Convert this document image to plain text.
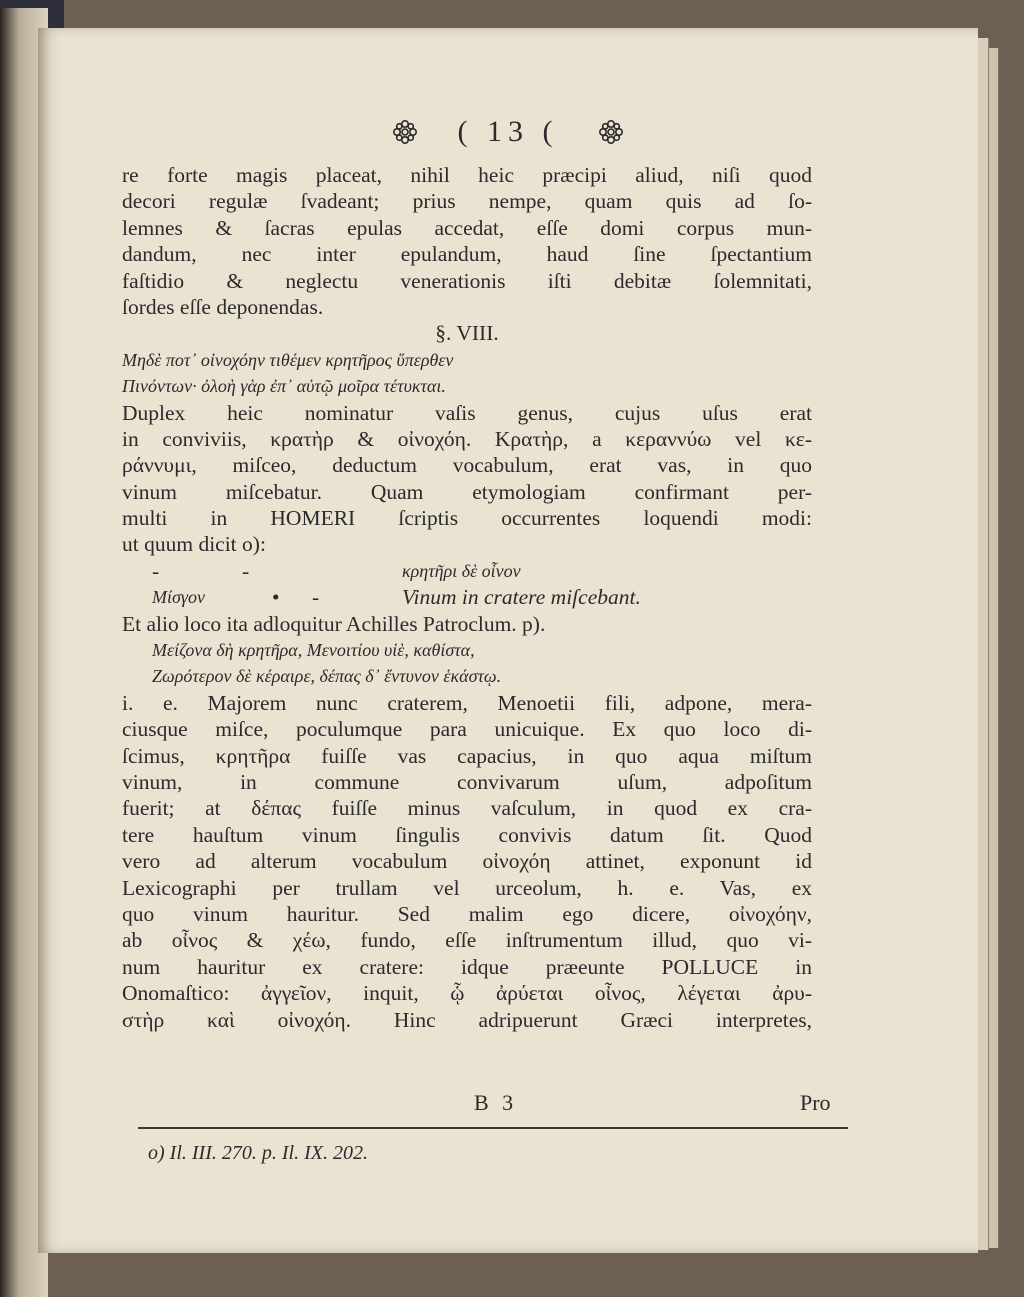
( 13 (
re forte magis placeat, nihil heic præcipi aliud, niſi quod
decori regulæ ſvadeant; prius nempe, quam quis ad ſo-
lemnes & ſacras epulas accedat, eſſe domi corpus mun-
dandum, nec inter epulandum, haud ſine ſpectantium
faſtidio & neglectu venerationis iſti debitæ ſolemnitati,
ſordes eſſe deponendas.
§. VIII.
Μηδὲ ποτ᾽ οἰνοχόην τιθέμεν κρητῆρος ὕπερθεν
Πινόντων· ὀλοὴ γὰρ ἐπ᾽ αὐτῷ μοῖρα τέτυκται.
Duplex heic nominatur vaſis genus, cujus uſus erat
in conviviis, κρατὴρ & οἰνοχόη. Κρατὴρ, a κεραννύω vel κε-
ράννυμι, miſceo, deductum vocabulum, erat vas, in quo
vinum miſcebatur. Quam etymologiam confirmant per-
multi in HOMERI ſcriptis occurrentes loquendi modi:
ut quum dicit o):
-	-	κρητῆρι δὲ οἶνον
Μίσγον	•	-	Vinum in cratere miſcebant.
Et alio loco ita adloquitur Achilles Patroclum. p).
Μείζονα δὴ κρητῆρα, Μενοιτίου υἱὲ, καθίστα,
Ζωρότερον δὲ κέραιρε, δέπας δ᾽ ἔντυνον ἑκάστῳ.
i. e. Majorem nunc craterem, Menoetii fili, adpone, mera-
ciusque miſce, poculumque para unicuique. Ex quo loco di-
ſcimus, κρητῆρα fuiſſe vas capacius, in quo aqua miſtum
vinum, in commune convivarum uſum, adpoſitum
fuerit; at δέπας fuiſſe minus vaſculum, in quod ex cra-
tere hauſtum vinum ſingulis convivis datum ſit. Quod
vero ad alterum vocabulum οἰνοχόη attinet, exponunt id
Lexicographi per trullam vel urceolum, h. e. Vas, ex
quo vinum hauritur. Sed malim ego dicere, οἰνοχόην,
ab οἶνος & χέω, fundo, eſſe inſtrumentum illud, quo vi-
num hauritur ex cratere: idque præeunte POLLUCE in
Onomaſtico: ἀγγεῖον, inquit, ᾧ ἀρύεται οἶνος, λέγεται ἀρυ-
στὴρ καὶ οἰνοχόη. Hinc adripuerunt Græci interpretes,
B 3	Pro
o) Il. III. 270. p. Il. IX. 202.
